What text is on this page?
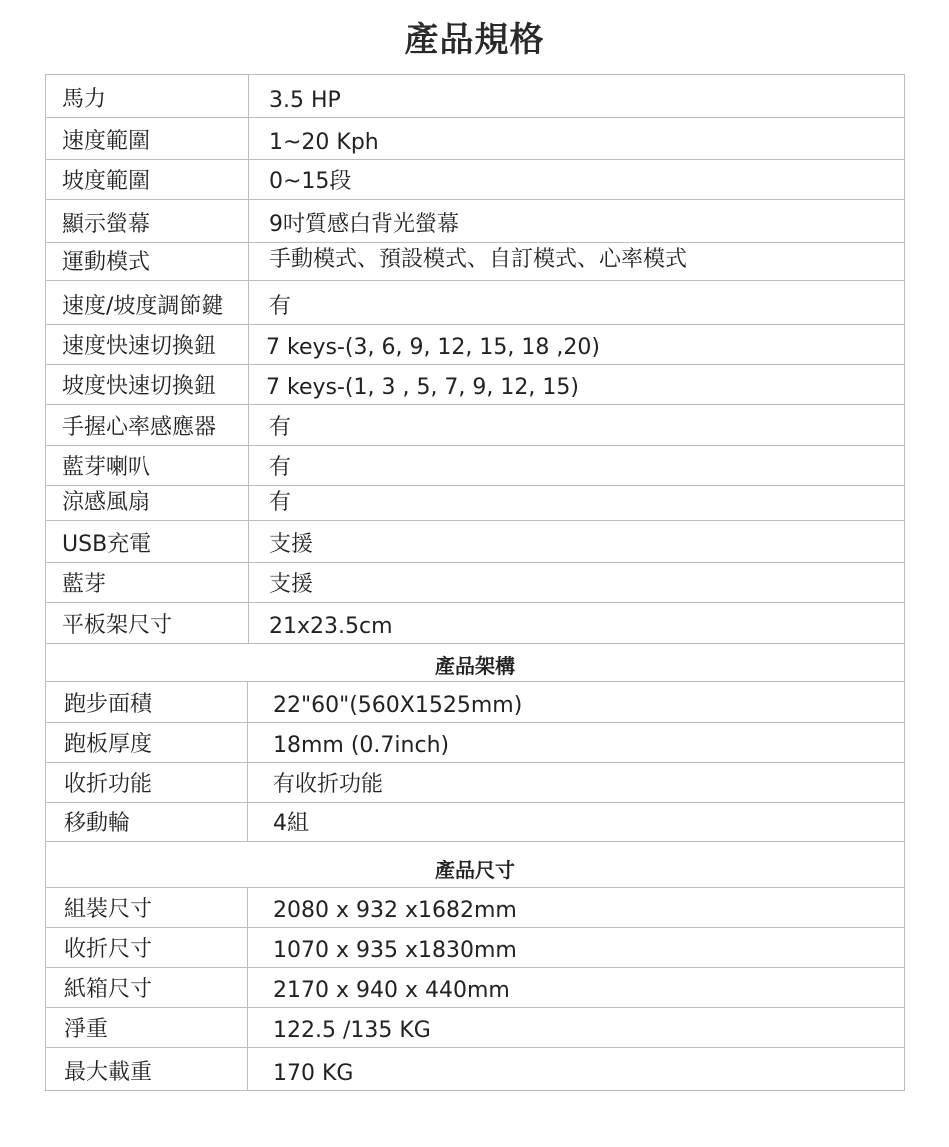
產品規格
馬力	3.5 HP
速度範圍	1~20 Kph
坡度範圍	0~15段
顯示螢幕	9吋質感白背光螢幕
運動模式	手動模式、預設模式、自訂模式、心率模式
速度/坡度調節鍵 有
速度快速切換鈕 7 keys-(3, 6, 9, 12, 15, 18 ,20)
坡度快速切換鈕 7 keys-(1, 3 , 5, 7, 9, 12, 15)
手握心率感應器 有
藍芽喇叭	有
涼感風扇	有
USB充電	支援
藍芽	支援
平板架尺寸	21x23.5cm
產品架構
跑步面積	22"60"(560X1525mm)
跑板厚度	18mm (0.7inch)
收折功能	有收折功能
移動輪	4組
產品尺寸
組裝尺寸	2080 x 932 x1682mm
收折尺寸	1070 x 935 x1830mm
紙箱尺寸	2170 x 940 x 440mm
淨重	122.5 /135 KG
最大載重	170 KG
